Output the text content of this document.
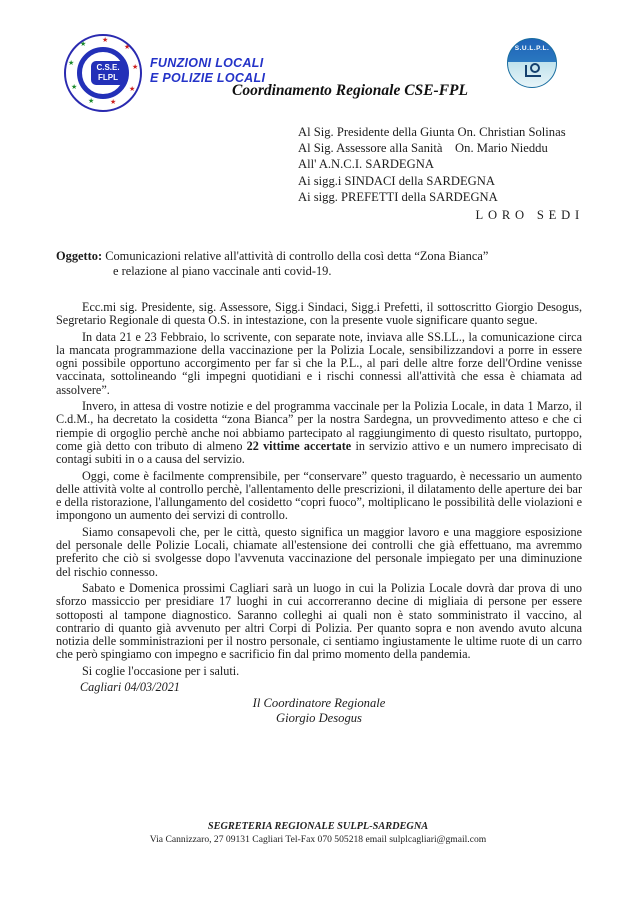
★
★	★
★	★
★	★
★ ★
C.S.E.
FLPL
FUNZIONI LOCALI
E POLIZIE LOCALI
Coordinamento Regionale CSE-FPL
S.U.L.P.L.
Al Sig. Presidente della Giunta On. Christian Solinas
Al Sig. Assessore alla Sanità    On. Mario Nieddu
All' A.N.C.I. SARDEGNA
Ai sigg.i SINDACI della SARDEGNA
Ai sigg. PREFETTI della SARDEGNA
LORO SEDI
Oggetto: Comunicazioni relative all'attività di controllo della così detta “Zona Bianca”
e relazione al piano vaccinale anti covid-19.

Ecc.mi sig. Presidente, sig. Assessore, Sigg.i Sindaci, Sigg.i Prefetti, il sottoscritto Giorgio Desogus, Segretario Regionale di questa O.S. in intestazione, con la presente vuole significare quanto segue.

In data 21 e 23 Febbraio, lo scrivente, con separate note, inviava alle SS.LL., la comunicazione circa la mancata programmazione della vaccinazione per la Polizia Locale, sensibilizzandovi a porre in essere ogni possibile opportuno accorgimento per far sì che la P.L., al pari delle altre forze dell'Ordine venisse vaccinata, sottolineando “gli impegni quotidiani e i rischi connessi all'attività che essa è chiamata ad assolvere”.

Invero, in attesa di vostre notizie e del programma vaccinale per la Polizia Locale, in data 1 Marzo, il C.d.M., ha decretato la cosidetta “zona Bianca” per la nostra Sardegna, un provvedimento atteso e che ci riempie di orgoglio perchè anche noi abbiamo partecipato al raggiungimento di questo risultato, purtoppo, come già detto con tributo di almeno 22 vittime accertate in servizio attivo e un numero imprecisato di contagi subiti in o a causa del servizio.

Oggi, come è facilmente comprensibile, per “conservare” questo traguardo, è necessario un aumento delle attività volte al controllo perchè, l'allentamento delle prescrizioni, il dilatamento delle aperture dei bar e della ristorazione, l'allungamento del cosidetto “copri fuoco”, moltiplicano le possibilità delle violazioni e impongono un aumento dei servizi di controllo.

Siamo consapevoli che, per le città, questo significa un maggior lavoro e una maggiore esposizione del personale delle Polizie Locali, chiamate all'estensione dei controlli che già effettuano, ma avremmo preferito che ciò si svolgesse dopo l'avvenuta vaccinazione del personale impiegato per una diminuzione del rischio connesso.

Sabato e Domenica prossimi Cagliari sarà un luogo in cui la Polizia Locale dovrà dar prova di uno sforzo massiccio per presidiare 17 luoghi in cui accorreranno decine di migliaia di persone per essere sottoposti al tampone diagnostico. Saranno colleghi ai quali non è stato somministrato il vaccino, al contrario di quanto già avvenuto per altri Corpi di Polizia. Per quanto sopra e non avendo avuto alcuna notizia delle somministrazioni per il nostro personale, ci sentiamo ingiustamente le ultime ruote di un carro che però spingiamo con impegno e sacrificio fin dal primo momento della pandemia.

Si coglie l'occasione per i saluti.

Cagliari 04/03/2021
Il Coordinatore Regionale
Giorgio Desogus
SEGRETERIA REGIONALE SULPL-SARDEGNA
Via Cannizzaro, 27 09131 Cagliari Tel-Fax 070 505218 email sulplcagliari@gmail.com
